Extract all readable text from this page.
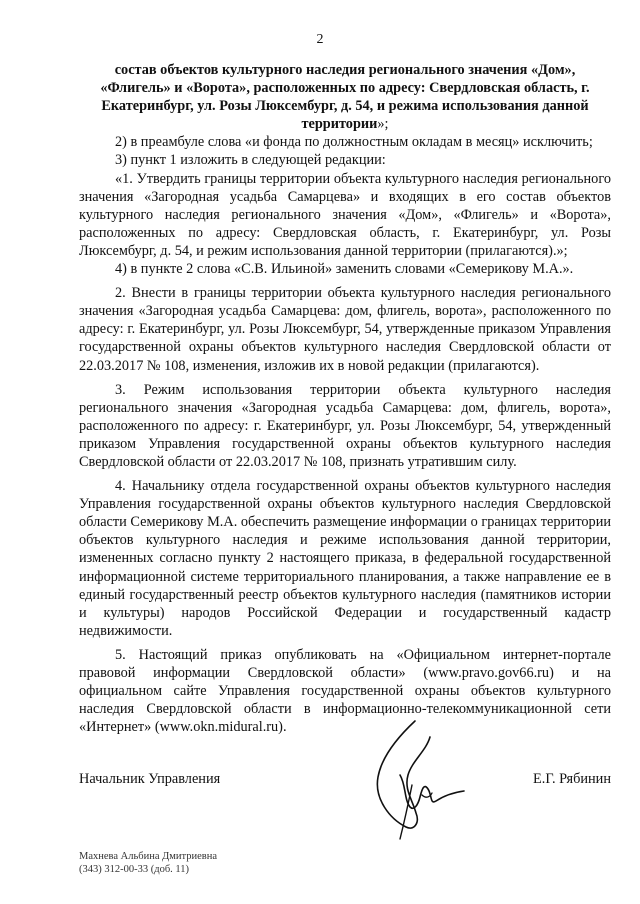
2

состав объектов культурного наследия регионального значения «Дом», «Флигель» и «Ворота», расположенных по адресу: Свердловская область, г. Екатеринбург, ул. Розы Люксембург, д. 54, и режима использования данной территории»;

2) в преамбуле слова «и фонда по должностным окладам в месяц» исключить;

3) пункт 1 изложить в следующей редакции:

«1. Утвердить границы территории объекта культурного наследия регионального значения «Загородная усадьба Самарцева» и входящих в его состав объектов культурного наследия регионального значения «Дом», «Флигель» и «Ворота», расположенных по адресу: Свердловская область, г. Екатеринбург, ул. Розы Люксембург, д. 54, и режим использования данной территории (прилагаются).»;

4) в пункте 2 слова «С.В. Ильиной» заменить словами «Семерикову М.А.».

2. Внести в границы территории объекта культурного наследия регионального значения «Загородная усадьба Самарцева: дом, флигель, ворота», расположенного по адресу: г. Екатеринбург, ул. Розы Люксембург, 54, утвержденные приказом Управления государственной охраны объектов культурного наследия Свердловской области от 22.03.2017 № 108, изменения, изложив их в новой редакции (прилагаются).

3. Режим использования территории объекта культурного наследия регионального значения «Загородная усадьба Самарцева: дом, флигель, ворота», расположенного по адресу: г. Екатеринбург, ул. Розы Люксембург, 54, утвержденный приказом Управления государственной охраны объектов культурного наследия Свердловской области от 22.03.2017 № 108, признать утратившим силу.

4. Начальнику отдела государственной охраны объектов культурного наследия Управления государственной охраны объектов культурного наследия Свердловской области Семерикову М.А. обеспечить размещение информации о границах территории объектов культурного наследия и режиме использования данной территории, измененных согласно пункту 2 настоящего приказа, в федеральной государственной информационной системе территориального планирования, а также направление ее в единый государственный реестр объектов культурного наследия (памятников истории и культуры) народов Российской Федерации и государственный кадастр недвижимости.

5. Настоящий приказ опубликовать на «Официальном интернет-портале правовой информации Свердловской области» (www.pravo.gov66.ru) и на официальном сайте Управления государственной охраны объектов культурного наследия Свердловской области в информационно-телекоммуникационной сети «Интернет» (www.okn.midural.ru).

Начальник Управления	Е.Г. Рябинин
Махнева Альбина Дмитриевна
(343) 312-00-33 (доб. 11)
